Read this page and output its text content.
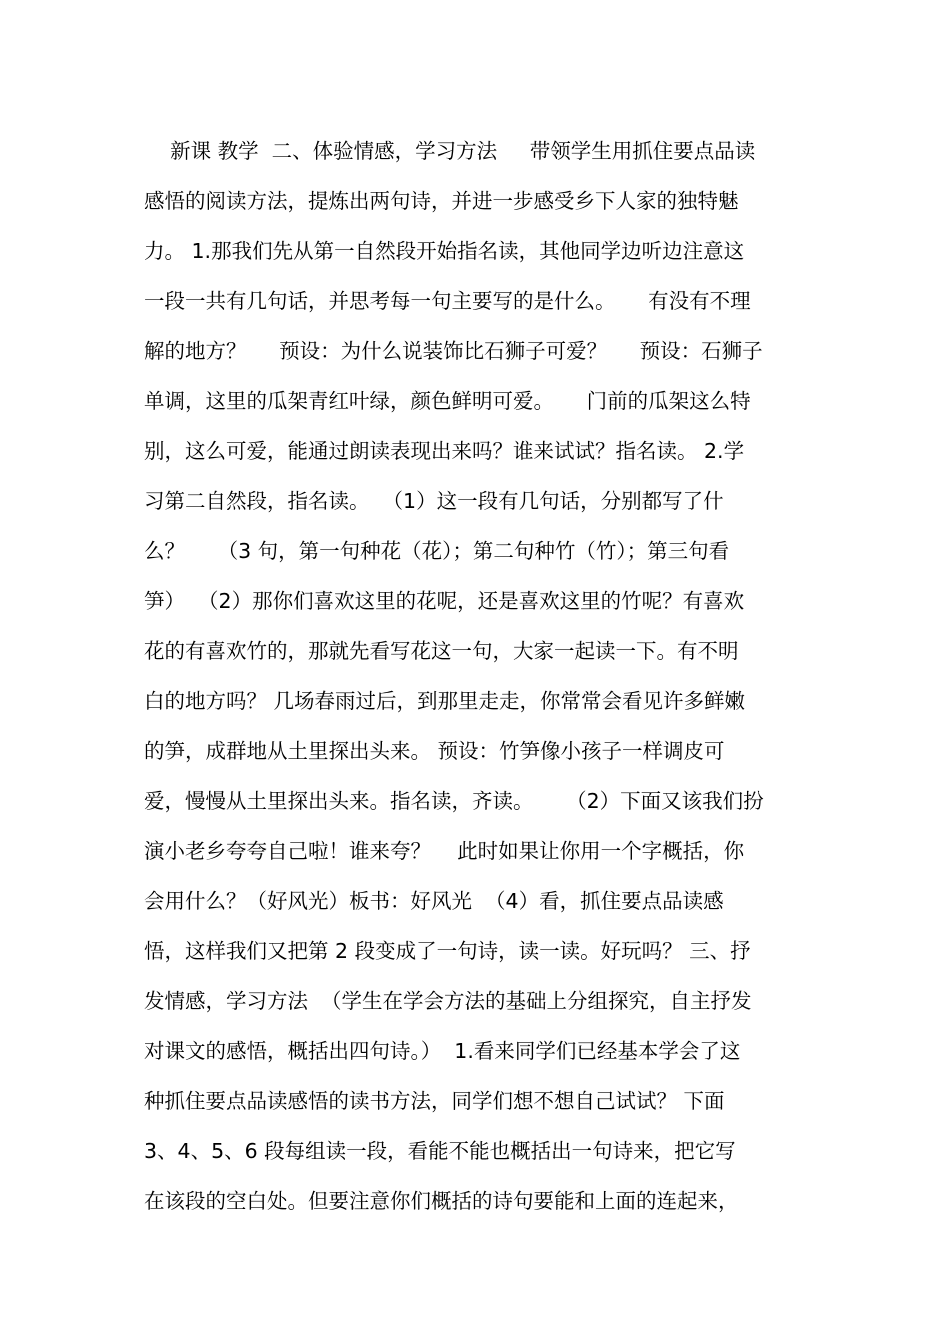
新课 教学  二、体验情感，学习方法     带领学生用抓住要点品读
感悟的阅读方法，提炼出两句诗，并进一步感受乡下人家的独特魅
力。 1.那我们先从第一自然段开始指名读，其他同学边听边注意这
一段一共有几句话，并思考每一句主要写的是什么。     有没有不理
解的地方？     预设：为什么说装饰比石狮子可爱？     预设：石狮子
单调，这里的瓜架青红叶绿，颜色鲜明可爱。     门前的瓜架这么特
别，这么可爱，能通过朗读表现出来吗？谁来试试？指名读。 2.学
习第二自然段，指名读。  （1）这一段有几句话，分别都写了什
么？     （3 句，第一句种花（花）；第二句种竹（竹）；第三句看
笋）  （2）那你们喜欢这里的花呢，还是喜欢这里的竹呢？有喜欢
花的有喜欢竹的，那就先看写花这一句，大家一起读一下。有不明
白的地方吗？ 几场春雨过后，到那里走走，你常常会看见许多鲜嫩
的笋，成群地从土里探出头来。 预设：竹笋像小孩子一样调皮可
爱，慢慢从土里探出头来。指名读，齐读。     （2）下面又该我们扮
演小老乡夸夸自己啦！谁来夸？    此时如果让你用一个字概括，你
会用什么？（好风光）板书：好风光  （4）看，抓住要点品读感
悟，这样我们又把第 2 段变成了一句诗，读一读。好玩吗？ 三、抒
发情感，学习方法  （学生在学会方法的基础上分组探究，自主抒发
对课文的感悟，概括出四句诗。）  1.看来同学们已经基本学会了这
种抓住要点品读感悟的读书方法，同学们想不想自己试试？ 下面
3、4、5、6 段每组读一段，看能不能也概括出一句诗来，把它写
在该段的空白处。但要注意你们概括的诗句要能和上面的连起来，
